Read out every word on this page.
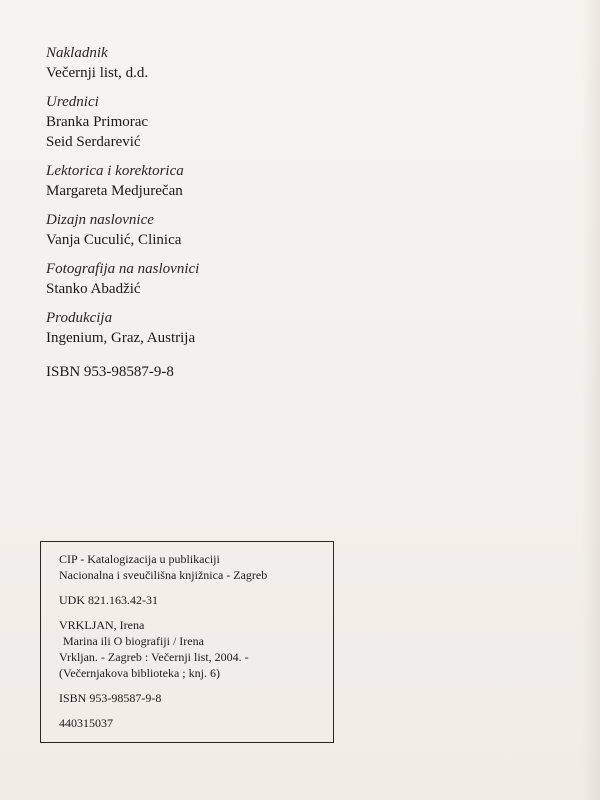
Nakladnik
Večernji list, d.d.
Urednici
Branka Primorac
Seid Serdarević
Lektorica i korektorica
Margareta Medjurečan
Dizajn naslovnice
Vanja Cuculić, Clinica
Fotografija na naslovnici
Stanko Abadžić
Produkcija
Ingenium, Graz, Austrija
ISBN 953-98587-9-8
CIP - Katalogizacija u publikaciji
Nacionalna i sveučilišna knjižnica - Zagreb
UDK 821.163.42-31
VRKLJAN, Irena
Marina ili O biografiji / Irena
Vrkljan. - Zagreb : Večernji list, 2004. -
(Večernjakova biblioteka ; knj. 6)
ISBN 953-98587-9-8
440315037
